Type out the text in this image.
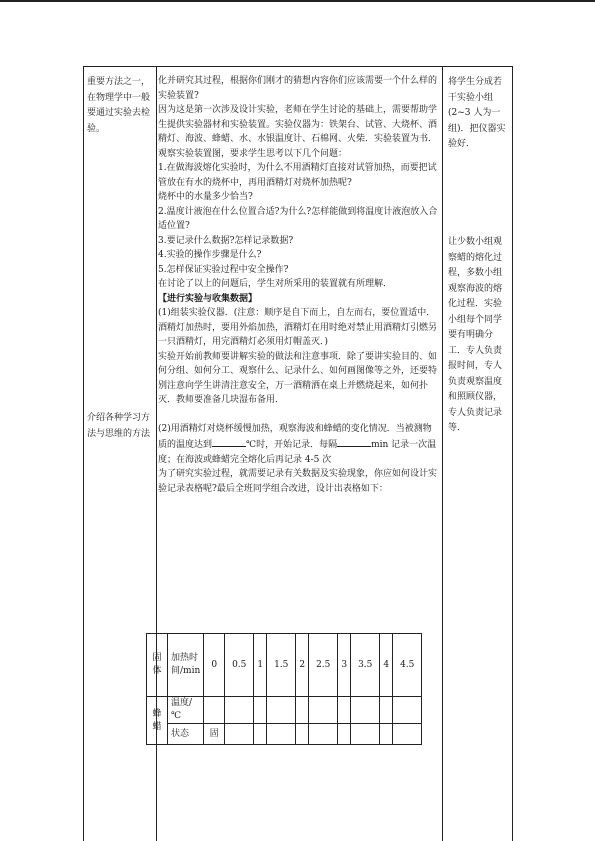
重要方法之一，在物理学中一般要通过实验去检验。
介绍各种学习方法与思维的方法

化并研究其过程，根据你们刚才的猜想内容你们应该需要一个什么样的实验装置?

因为这是第一次涉及设计实验，老师在学生讨论的基础上，需要帮助学生提供实验器材和实验装置。实验仪器为：铁架台、试管、大烧杯、酒精灯、海波、蜂蜡、水、水银温度计、石棉网、火柴．实验装置为书．观察实验装置图，要求学生思考以下几个问题：

1.在做海波熔化实验时，为什么不用酒精灯直接对试管加热，而要把试管放在有水的烧杯中，再用酒精灯对烧杯加热呢?

烧杯中的水量多少恰当?

2.温度计液泡在什么位置合适?为什么?怎样能做到将温度计液泡放入合适位置?

3.要记录什么数据?怎样记录数据?

4.实验的操作步骤是什么?

5.怎样保证实验过程中安全操作?

在讨论了以上的问题后，学生对所采用的装置就有所理解．

【进行实验与收集数据】

(1)组装实验仪器．(注意：顺序是自下而上，自左而右，要位置适中．酒精灯加热时，要用外焰加热，酒精灯在用时绝对禁止用酒精灯引燃另一只酒精灯，用完酒精灯必须用灯帽盖灭．)

实验开始前教师要讲解实验的做法和注意事项．除了要讲实验目的、如何分组、如何分工、观察什么、记录什么、如何画图像等之外，还要特别注意向学生讲清注意安全，万一酒精洒在桌上并燃烧起来，如何扑灭．教师要准备几块湿布备用．

(2)用酒精灯对烧杯缓慢加热，观察海波和蜂蜡的变化情况．当被测物质的温度达到	℃时，开始记录．每隔	min 记录一次温度；在海波或蜂蜡完全熔化后再记录 4-5 次

为了研究实验过程，就需要记录有关数据及实验现象，你应如何设计实验记录表格呢?最后全班同学组合改进，设计出表格如下：

将学生分成若干实验小组(2~3 人为一组)．把仪器实验好．
让少数小组观察蜡的熔化过程，多数小组观察海波的熔化过程．实验小组每个同学要有明确分工．专人负责报时间，专人负责观察温度和照顾仪器，专人负责记录等．
固体	加热时间/min	0	0.5	1	1.5	2	2.5	3	3.5	4	4.5
蜂蜡	温度/℃										
	状态	固									
